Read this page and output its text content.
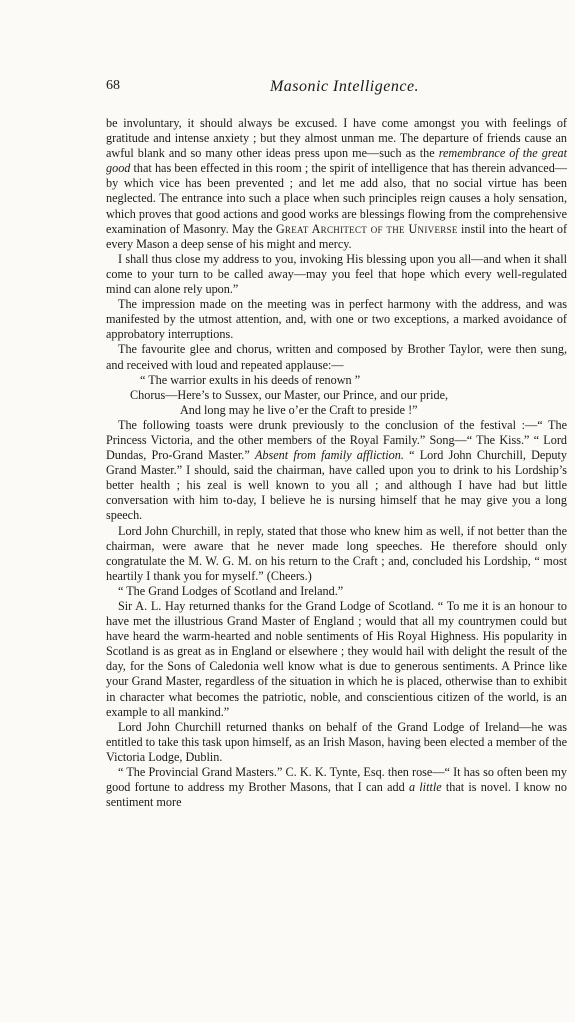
68	Masonic Intelligence.

be involuntary, it should always be excused. I have come amongst you with feelings of gratitude and intense anxiety ; but they almost unman me. The departure of friends cause an awful blank and so many other ideas press upon me—such as the remembrance of the great good that has been effected in this room ; the spirit of intelligence that has therein advanced—by which vice has been prevented ; and let me add also, that no social virtue has been neglected. The entrance into such a place when such principles reign causes a holy sensation, which proves that good actions and good works are blessings flowing from the comprehensive examination of Masonry. May the Great Architect of the Universe instil into the heart of every Mason a deep sense of his might and mercy.

I shall thus close my address to you, invoking His blessing upon you all—and when it shall come to your turn to be called away—may you feel that hope which every well-regulated mind can alone rely upon.”

The impression made on the meeting was in perfect harmony with the address, and was manifested by the utmost attention, and, with one or two exceptions, a marked avoidance of approbatory interruptions.

The favourite glee and chorus, written and composed by Brother Taylor, were then sung, and received with loud and repeated applause:—

“ The warrior exults in his deeds of renown ”

Chorus—Here’s to Sussex, our Master, our Prince, and our pride,

And long may he live o’er the Craft to preside !”

The following toasts were drunk previously to the conclusion of the festival :—“ The Princess Victoria, and the other members of the Royal Family.” Song—“ The Kiss.” “ Lord Dundas, Pro-Grand Master.” Absent from family affliction. “ Lord John Churchill, Deputy Grand Master.” I should, said the chairman, have called upon you to drink to his Lordship’s better health ; his zeal is well known to you all ; and although I have had but little conversation with him to-day, I believe he is nursing himself that he may give you a long speech.

Lord John Churchill, in reply, stated that those who knew him as well, if not better than the chairman, were aware that he never made long speeches. He therefore should only congratulate the M. W. G. M. on his return to the Craft ; and, concluded his Lordship, “ most heartily I thank you for myself.” (Cheers.)

“ The Grand Lodges of Scotland and Ireland.”

Sir A. L. Hay returned thanks for the Grand Lodge of Scotland. “ To me it is an honour to have met the illustrious Grand Master of England ; would that all my countrymen could but have heard the warm-hearted and noble sentiments of His Royal Highness. His popularity in Scotland is as great as in England or elsewhere ; they would hail with delight the result of the day, for the Sons of Caledonia well know what is due to generous sentiments. A Prince like your Grand Master, regardless of the situation in which he is placed, otherwise than to exhibit in character what becomes the patriotic, noble, and conscientious citizen of the world, is an example to all mankind.”

Lord John Churchill returned thanks on behalf of the Grand Lodge of Ireland—he was entitled to take this task upon himself, as an Irish Mason, having been elected a member of the Victoria Lodge, Dublin.

“ The Provincial Grand Masters.” C. K. K. Tynte, Esq. then rose—“ It has so often been my good fortune to address my Brother Masons, that I can add a little that is novel. I know no sentiment more
